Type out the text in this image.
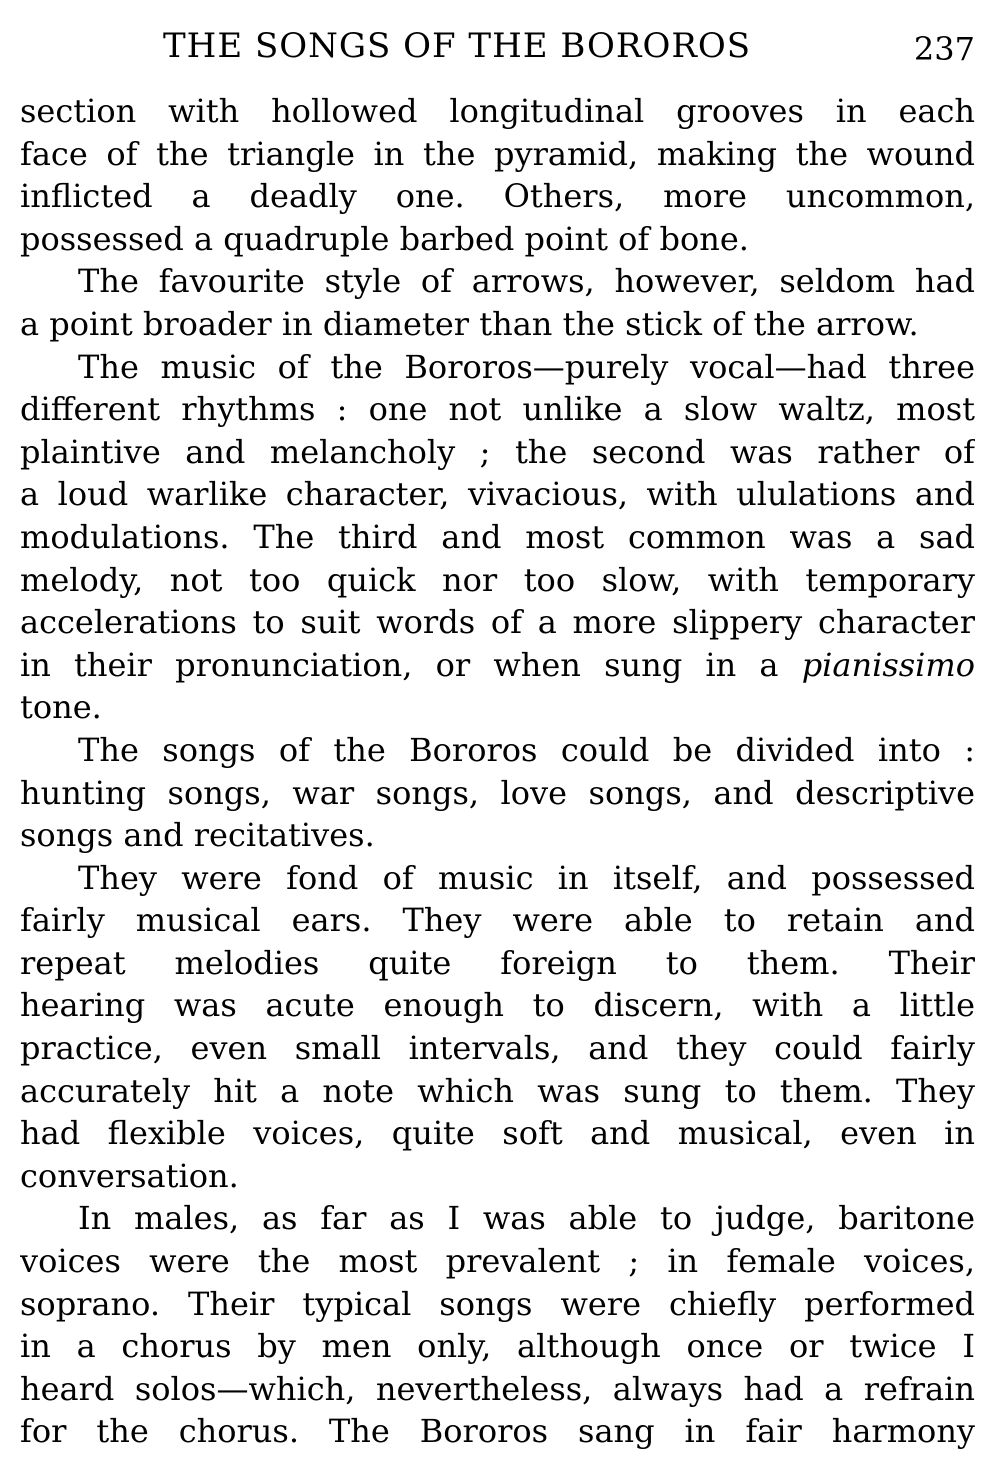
THE SONGS OF THE BOROROS	237
section with hollowed longitudinal grooves in each
face of the triangle in the pyramid, making the wound
inflicted a deadly one. Others, more uncommon,
possessed a quadruple barbed point of bone.
The favourite style of arrows, however, seldom had
a point broader in diameter than the stick of the arrow.
The music of the Bororos—purely vocal—had three
different rhythms : one not unlike a slow waltz, most
plaintive and melancholy ; the second was rather of
a loud warlike character, vivacious, with ululations and
modulations. The third and most common was a sad
melody, not too quick nor too slow, with temporary
accelerations to suit words of a more slippery character
in their pronunciation, or when sung in a pianissimo
tone.
The songs of the Bororos could be divided into :
hunting songs, war songs, love songs, and descriptive
songs and recitatives.
They were fond of music in itself, and possessed
fairly musical ears. They were able to retain and
repeat melodies quite foreign to them. Their
hearing was acute enough to discern, with a little
practice, even small intervals, and they could fairly
accurately hit a note which was sung to them. They
had flexible voices, quite soft and musical, even in
conversation.
In males, as far as I was able to judge, baritone
voices were the most prevalent ; in female voices,
soprano. Their typical songs were chiefly performed
in a chorus by men only, although once or twice I
heard solos—which, nevertheless, always had a refrain
for the chorus. The Bororos sang in fair harmony
